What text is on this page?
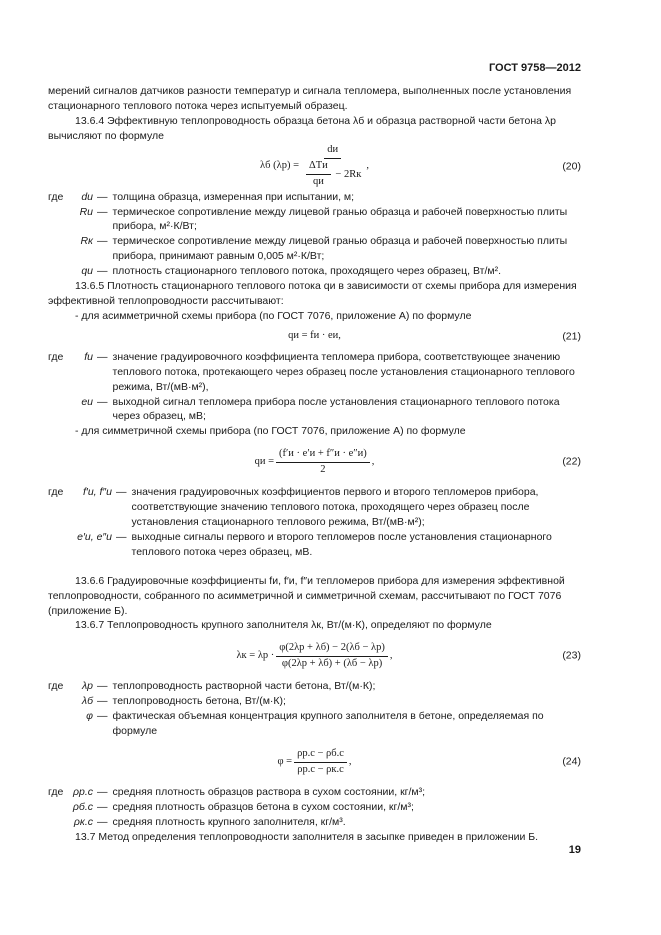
ГОСТ 9758—2012

мерений сигналов датчиков разности температур и сигнала тепломера, выполненных после установления стационарного теплового потока через испытуемый образец.

13.6.4 Эффективную теплопроводность образца бетона λб и образца растворной части бетона λр вычисляют по формуле

λб $(\lambda р) = \frac{dи}{\frac{\text{ΔTи}}{qи} - 2Rк}$ ,	(20)
где	dи — толщина образца, измеренная при испытании, м;
Rи — термическое сопротивление между лицевой гранью образца и рабочей поверхностью плиты прибора, м²·К/Вт;
Rк — термическое сопротивление между лицевой гранью образца и рабочей поверхностью плиты прибора, принимают равным 0,005 м²·К/Вт;
qи — плотность стационарного теплового потока, проходящего через образец, Вт/м².

13.6.5 Плотность стационарного теплового потока qи в зависимости от схемы прибора для измерения эффективной теплопроводности рассчитывают:

- для асимметричной схемы прибора (по ГОСТ 7076, приложение А) по формуле

qи = fи · eи,	(21)
где	fи — значение градуировочного коэффициента тепломера прибора, соответствующее значению теплового потока, протекающего через образец после установления стационарного теплового режима, Вт/(мВ·м²),
eи — выходной сигнал тепломера прибора после установления стационарного теплового потока через образец, мВ;

- для симметричной схемы прибора (по ГОСТ 7076, приложение А) по формуле

qи = $\frac{(f'и \cdot e'и + f''и \cdot e''и)}{2}$ ,	(22)
где	f′и, f″и — значения градуировочных коэффициентов первого и второго тепломеров прибора, соответствующие значению теплового потока, проходящего через образец после установления стационарного теплового режима, Вт/(мВ·м²);
e′и, e″и — выходные сигналы первого и второго тепломеров после установления стационарного теплового потока через образец, мВ.

13.6.6 Градуировочные коэффициенты fи, f′и, f″и тепломеров прибора для измерения эффективной теплопроводности, собранного по асимметричной и симметричной схемам, рассчитывают по ГОСТ 7076 (приложение Б).

13.6.7 Теплопроводность крупного заполнителя λк, Вт/(м·К), определяют по формуле

$\lambda к = \lambda р \cdot \frac{\varphi(2\lambda р + \lambda б) - 2(\lambda б - \lambda р)}{\varphi(2\lambda р + \lambda б) + (\lambda б - \lambda р)}$ ,	(23)
где	λр — теплопроводность растворной части бетона, Вт/(м·К);
λб — теплопроводность бетона, Вт/(м·К);
φ — фактическая объемная концентрация крупного заполнителя в бетоне, определяемая по формуле
$\varphi = \frac{\rho р.с - \rho б.с}{\rho р.с - \rho к.с}$ ,	(24)
где ρр.с — средняя плотность образцов раствора в сухом состоянии, кг/м³;
ρб.с — средняя плотность образцов бетона в сухом состоянии, кг/м³;
ρк.с — средняя плотность крупного заполнителя, кг/м³.

13.7 Метод определения теплопроводности заполнителя в засыпке приведен в приложении Б.

19
